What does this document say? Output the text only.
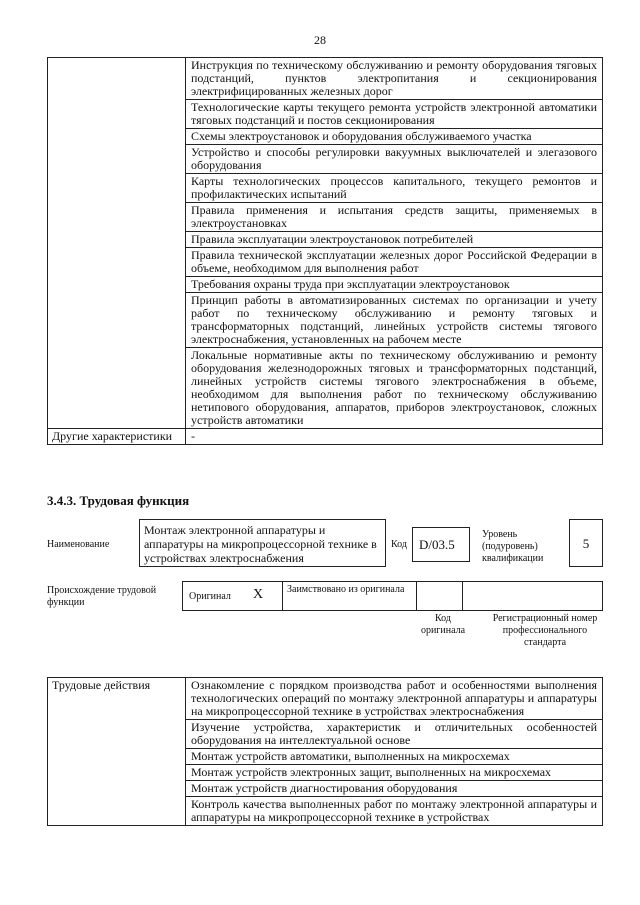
28
	Инструкция по техническому обслуживанию и ремонту оборудования тяговых подстанций, пунктов электропитания и секционирования электрифицированных железных дорог
	Технологические карты текущего ремонта устройств электронной автоматики тяговых подстанций и постов секционирования
	Схемы электроустановок и оборудования обслуживаемого участка
	Устройство и способы регулировки вакуумных выключателей и элегазового оборудования
	Карты технологических процессов капитального, текущего ремонтов и профилактических испытаний
	Правила применения и испытания средств защиты, применяемых в электроустановках
	Правила эксплуатации электроустановок потребителей
	Правила технической эксплуатации железных дорог Российской Федерации в объеме, необходимом для выполнения работ
	Требования охраны труда при эксплуатации электроустановок
	Принцип работы в автоматизированных системах по организации и учету работ по техническому обслуживанию и ремонту тяговых и трансформаторных подстанций, линейных устройств системы тягового электроснабжения, установленных на рабочем месте
	Локальные нормативные акты по техническому обслуживанию и ремонту оборудования железнодорожных тяговых и трансформаторных подстанций, линейных устройств системы тягового электроснабжения в объеме, необходимом для выполнения работ по техническому обслуживанию нетипового оборудования, аппаратов, приборов электроустановок, сложных устройств автоматики
Другие характеристики	-
3.4.3. Трудовая функция
Наименование
Монтаж электронной аппаратуры и аппаратуры на микропроцессорной технике в устройствах электроснабжения
Код D/03.5
Уровень (подуровень) квалификации
5
Происхождение трудовой функции
Оригинал X Заимствовано из оригинала
Код оригинала
Регистрационный номер профессионального стандарта
Трудовые действия	Ознакомление с порядком производства работ и особенностями выполнения технологических операций по монтажу электронной аппаратуры и аппаратуры на микропроцессорной технике в устройствах электроснабжения
Изучение устройства, характеристик и отличительных особенностей оборудования на интеллектуальной основе
Монтаж устройств автоматики, выполненных на микросхемах
Монтаж устройств электронных защит, выполненных на микросхемах
Монтаж устройств диагностирования оборудования
Контроль качества выполненных работ по монтажу электронной аппаратуры и аппаратуры на микропроцессорной технике в устройствах
